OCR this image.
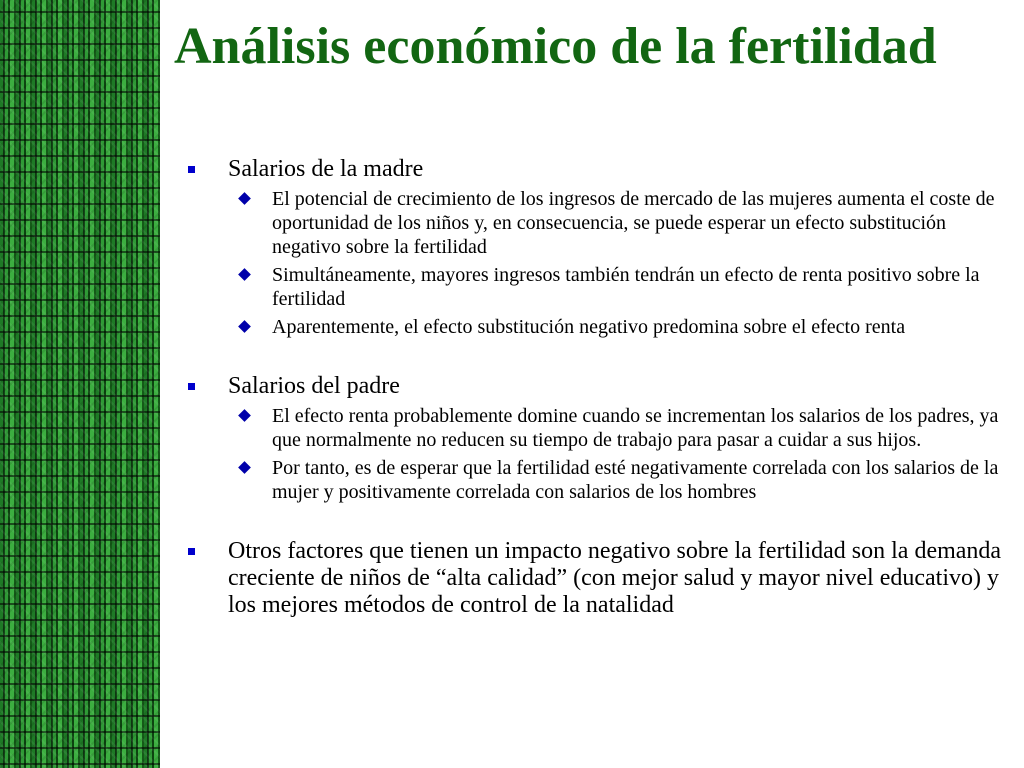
Análisis económico de la fertilidad
Salarios de la madre
El potencial de crecimiento de los ingresos de mercado de las mujeres aumenta el coste de oportunidad de los niños y, en consecuencia, se puede esperar un efecto substitución negativo sobre la fertilidad
Simultáneamente, mayores ingresos también tendrán un efecto de renta positivo sobre la fertilidad
Aparentemente, el efecto substitución negativo predomina sobre el efecto renta
Salarios del padre
El efecto renta probablemente domine cuando se incrementan los salarios de los padres, ya que normalmente no reducen su tiempo de trabajo para pasar a cuidar a sus hijos.
Por tanto, es de esperar que la fertilidad esté negativamente correlada con los salarios de la mujer y positivamente correlada con salarios de los hombres
Otros factores que tienen un impacto negativo sobre la fertilidad son la demanda creciente de niños de “alta calidad” (con mejor salud y mayor nivel educativo) y los mejores métodos de control de la natalidad
